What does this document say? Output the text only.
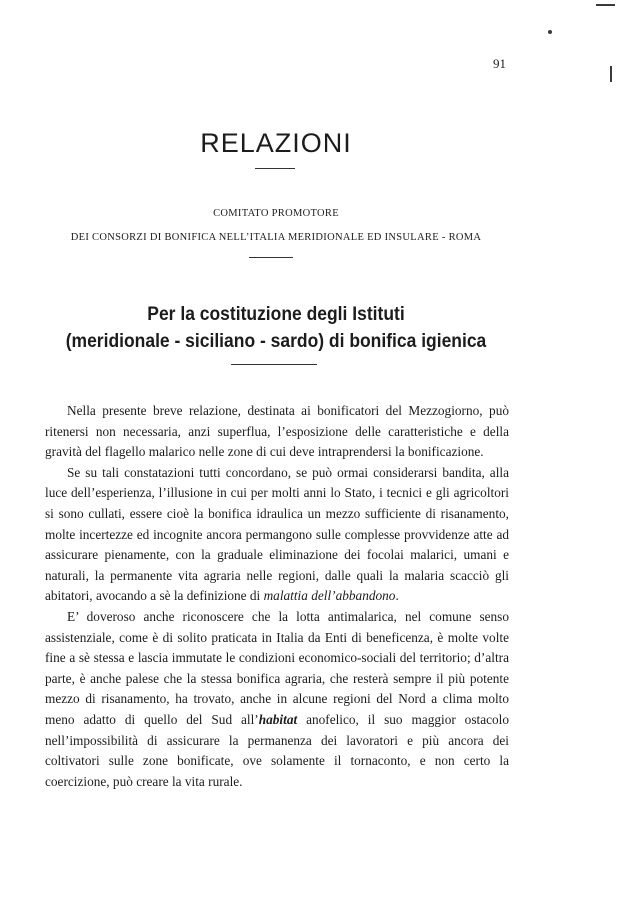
91
RELAZIONI
COMITATO PROMOTORE
DEI CONSORZI DI BONIFICA NELL’ITALIA MERIDIONALE ED INSULARE - ROMA
Per la costituzione degli Istituti
(meridionale - siciliano - sardo) di bonifica igienica

Nella presente breve relazione, destinata ai bonificatori del Mezzogiorno, può ritenersi non necessaria, anzi superflua, l’esposizione delle caratteristiche e della gravità del flagello malarico nelle zone di cui deve intraprendersi la bonificazione.

Se su tali constatazioni tutti concordano, se può ormai considerarsi bandita, alla luce dell’esperienza, l’illusione in cui per molti anni lo Stato, i tecnici e gli agricoltori si sono cullati, essere cioè la bonifica idraulica un mezzo sufficiente di risanamento, molte incertezze ed incognite ancora permangono sulle complesse provvidenze atte ad assicurare pienamente, con la graduale eliminazione dei focolai malarici, umani e naturali, la permanente vita agraria nelle regioni, dalle quali la malaria scacciò gli abitatori, avocando a sè la definizione di malattia dell’abbandono.

E’ doveroso anche riconoscere che la lotta antimalarica, nel comune senso assistenziale, come è di solito praticata in Italia da Enti di beneficenza, è molte volte fine a sè stessa e lascia immutate le condizioni economico-sociali del territorio; d’altra parte, è anche palese che la stessa bonifica agraria, che resterà sempre il più potente mezzo di risanamento, ha trovato, anche in alcune regioni del Nord a clima molto meno adatto di quello del Sud all’habitat anofelico, il suo maggior ostacolo nell’impossibilità di assicurare la permanenza dei lavoratori e più ancora dei coltivatori sulle zone bonificate, ove solamente il tornaconto, e non certo la coercizione, può creare la vita rurale.
